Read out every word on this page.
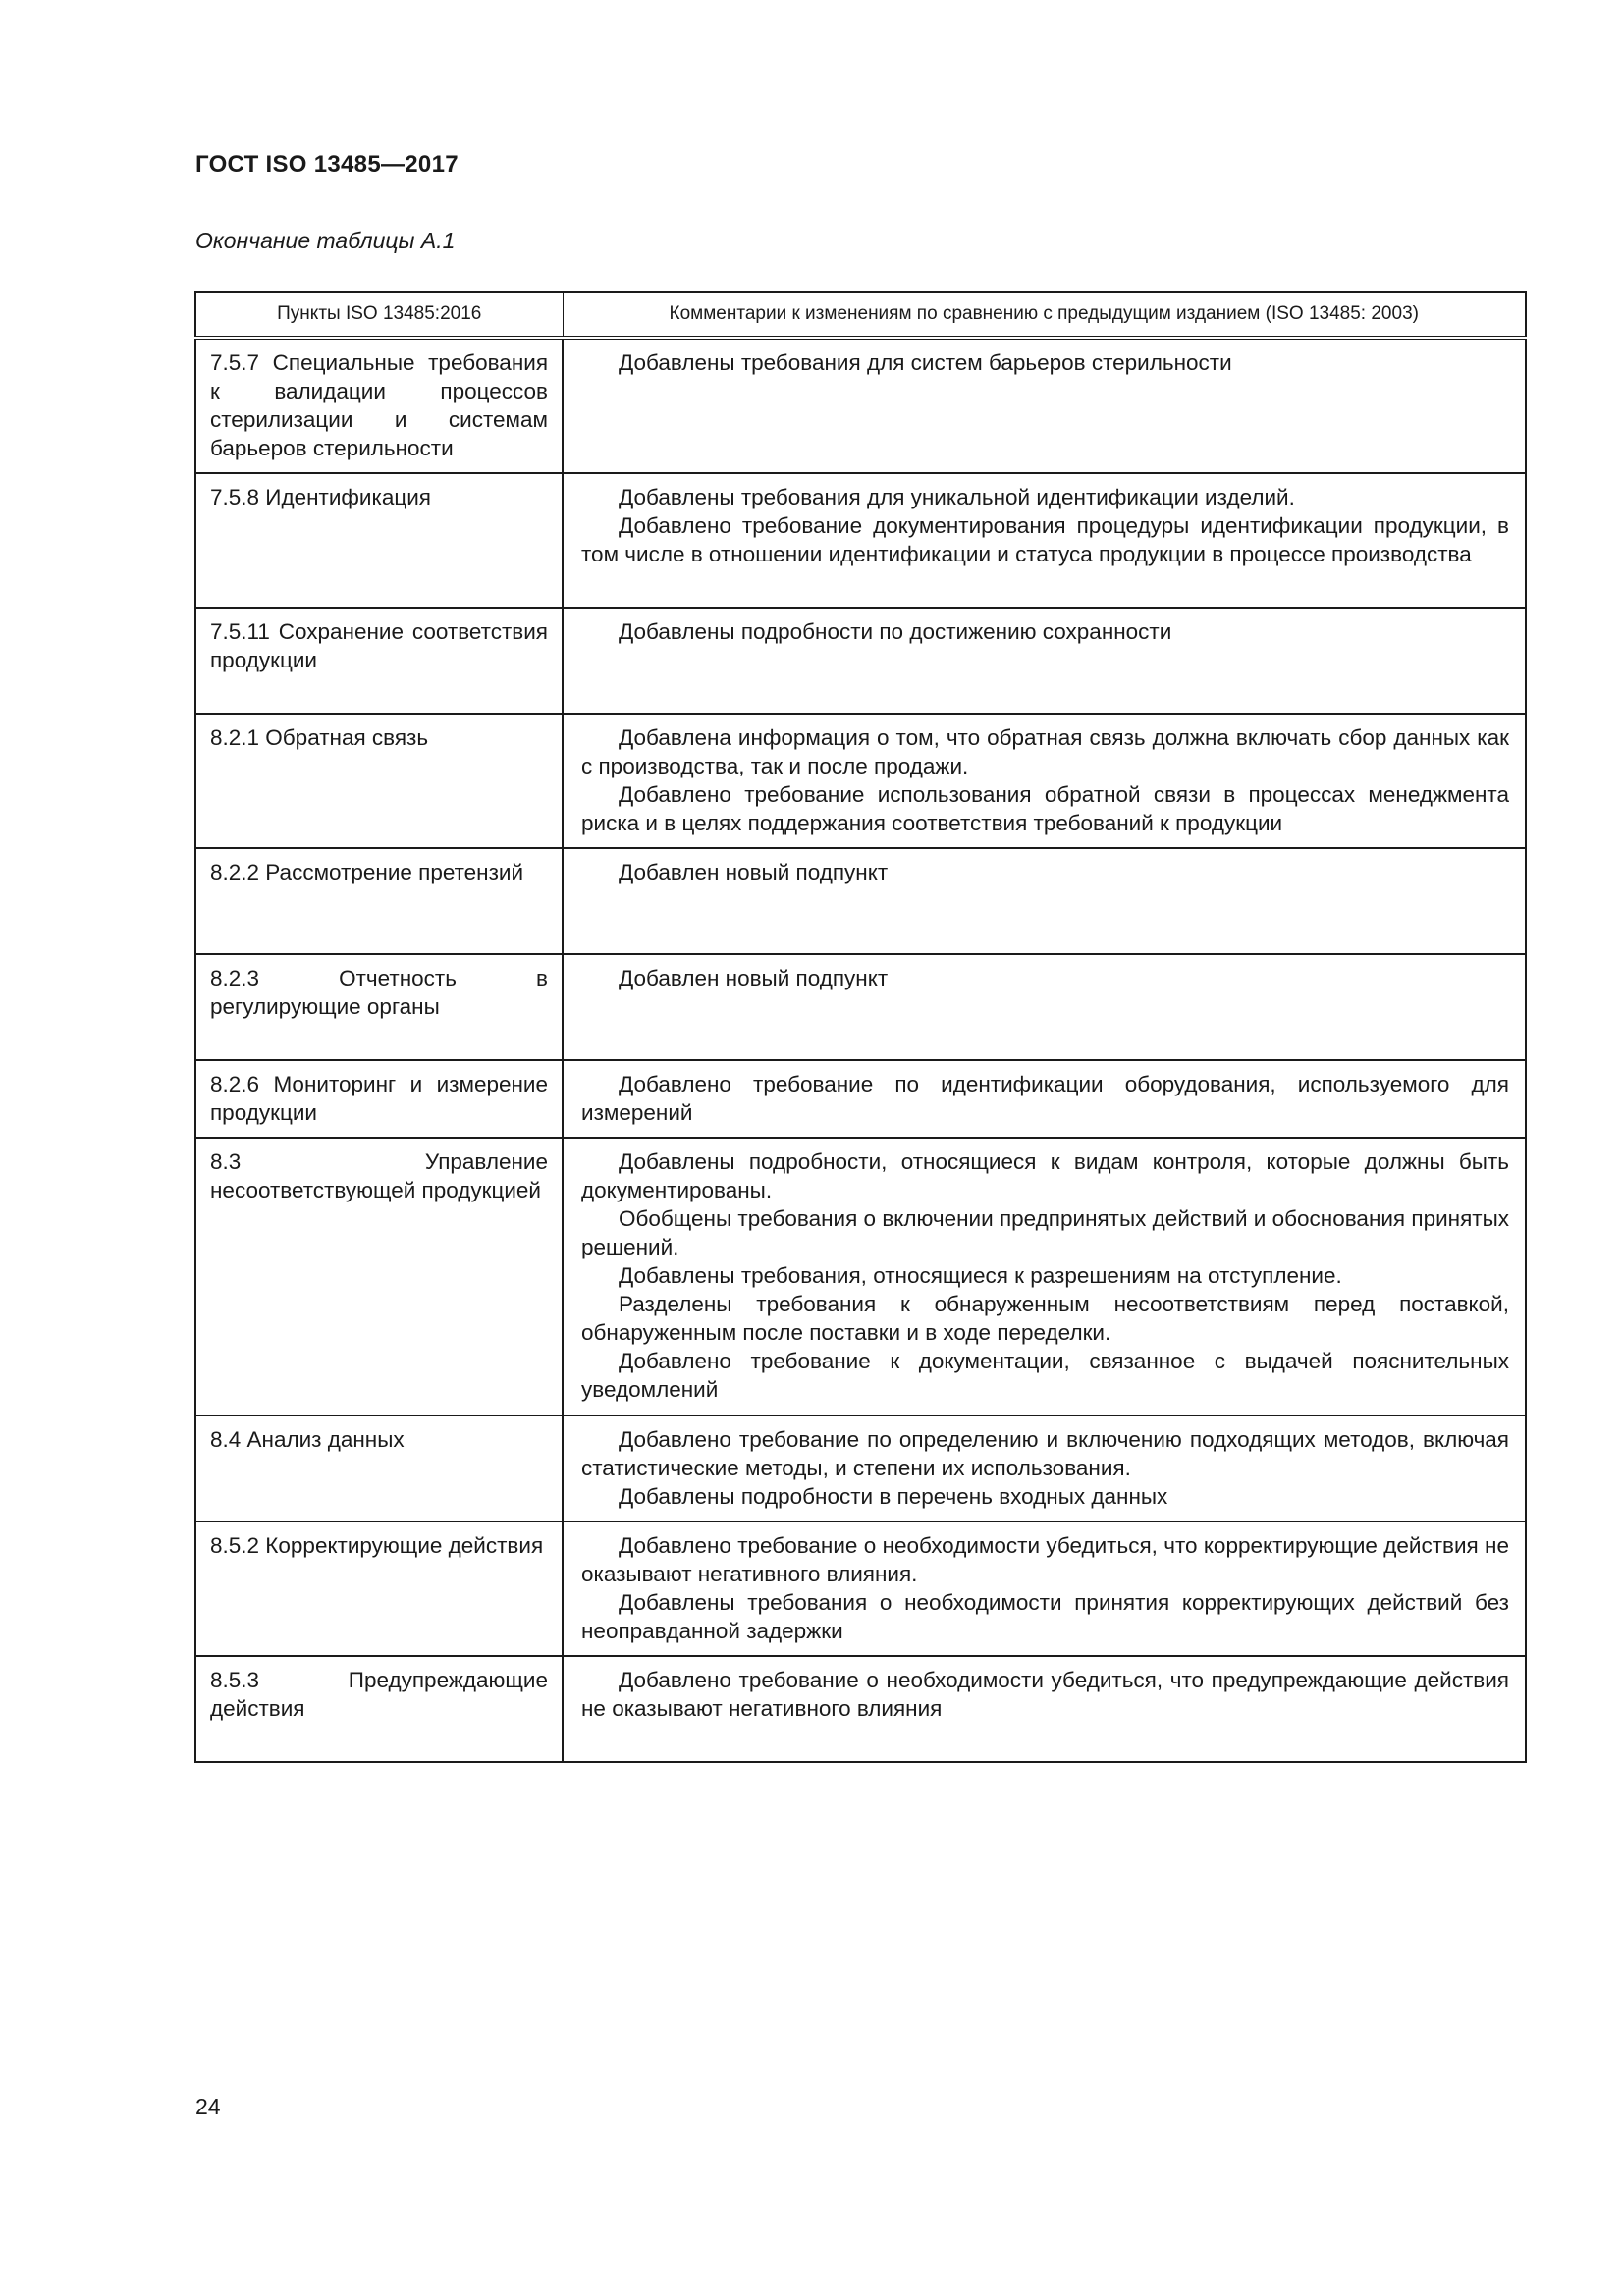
ГОСТ ISO 13485—2017
Окончание таблицы А.1
Пункты ISO 13485:2016	Комментарии к изменениям по сравнению с предыдущим изданием (ISO 13485: 2003)
7.5.7 Специальные требования к валидации процессов стерилизации и системам барьеров стерильности	Добавлены требования для систем барьеров стерильности

7.5.8 Идентификация	Добавлены требования для уникальной идентификации изделий.

Добавлено требование документирования процедуры идентификации продукции, в том числе в отношении идентификации и статуса продукции в процессе производства

7.5.11 Сохранение соответствия продукции	Добавлены подробности по достижению сохранности

8.2.1 Обратная связь	Добавлена информация о том, что обратная связь должна включать сбор данных как с производства, так и после продажи.

Добавлено требование использования обратной связи в процессах менеджмента риска и в целях поддержания соответствия требований к продукции

8.2.2 Рассмотрение претензий	Добавлен новый подпункт

8.2.3 Отчетность в регулирующие органы	Добавлен новый подпункт

8.2.6 Мониторинг и измерение продукции	Добавлено требование по идентификации оборудования, используемого для измерений

8.3 Управление несоответствующей продукцией	Добавлены подробности, относящиеся к видам контроля, которые должны быть документированы.

Обобщены требования о включении предпринятых действий и обоснования принятых решений.

Добавлены требования, относящиеся к разрешениям на отступление.

Разделены требования к обнаруженным несоответствиям перед поставкой, обнаруженным после поставки и в ходе переделки.

Добавлено требование к документации, связанное с выдачей пояснительных уведомлений

8.4 Анализ данных	Добавлено требование по определению и включению подходящих методов, включая статистические методы, и степени их использования.

Добавлены подробности в перечень входных данных

8.5.2 Корректирующие действия	Добавлено требование о необходимости убедиться, что корректирующие действия не оказывают негативного влияния.

Добавлены требования о необходимости принятия корректирующих действий без неоправданной задержки

8.5.3 Предупреждающие действия	Добавлено требование о необходимости убедиться, что предупреждающие действия не оказывают негативного влияния

24
